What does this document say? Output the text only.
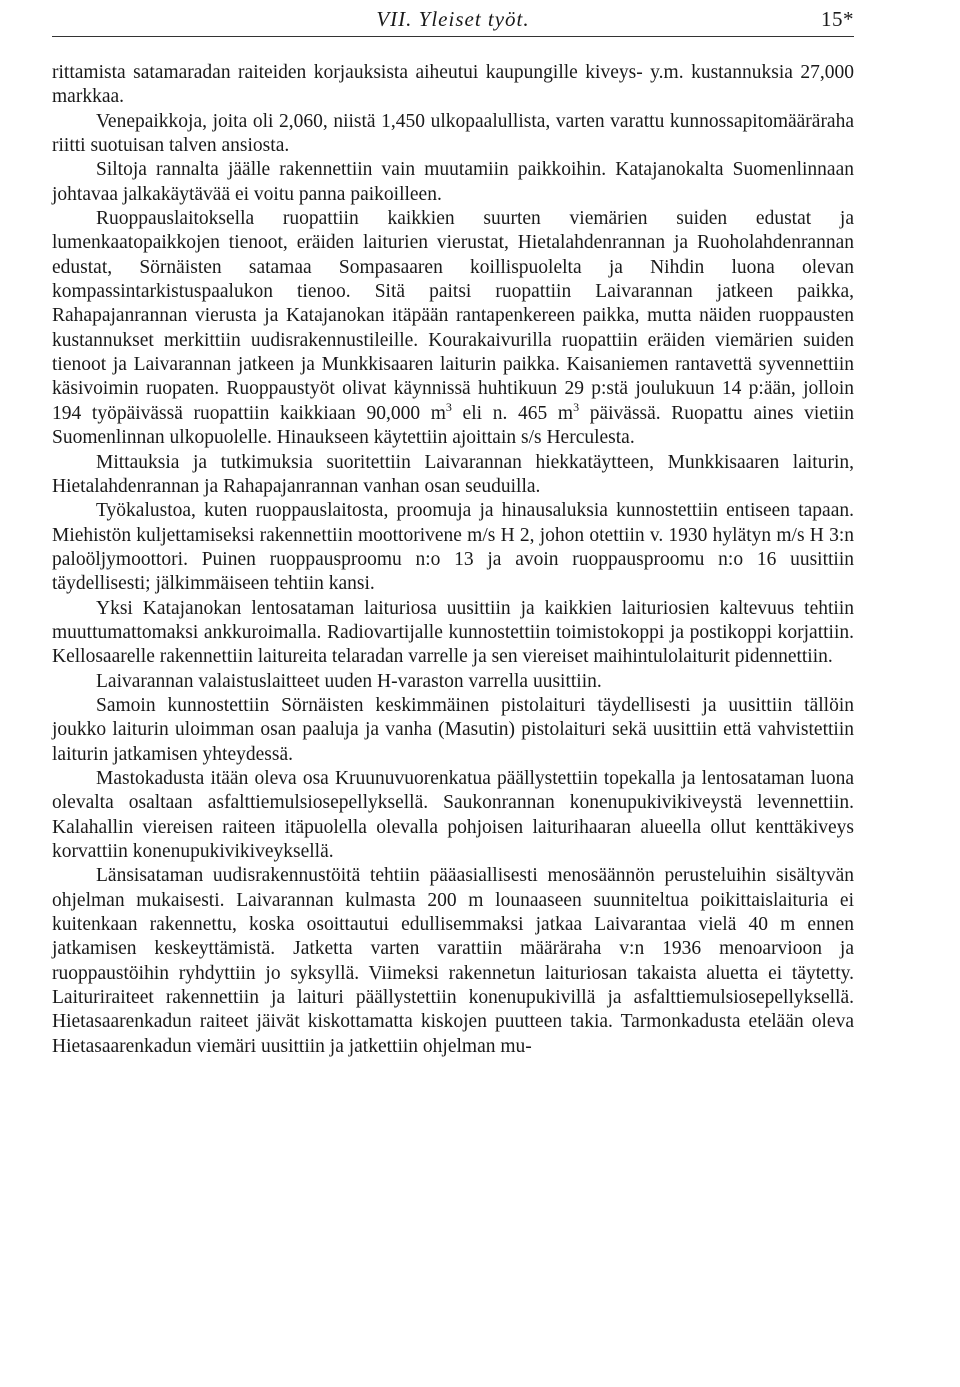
VII. Yleiset työt.	15*

rittamista satamaradan raiteiden korjauksista aiheutui kaupungille kiveys- y.m. kustannuksia 27,000 markkaa.

Venepaikkoja, joita oli 2,060, niistä 1,450 ulkopaalullista, varten varattu kunnossapitomääräraha riitti suotuisan talven ansiosta.

Siltoja rannalta jäälle rakennettiin vain muutamiin paikkoihin. Katajanokalta Suomenlinnaan johtavaa jalkakäytävää ei voitu panna paikoilleen.

Ruoppauslaitoksella ruopattiin kaikkien suurten viemärien suiden edustat ja lumenkaatopaikkojen tienoot, eräiden laiturien vierustat, Hietalahdenrannan ja Ruoholahdenrannan edustat, Sörnäisten satamaa Sompasaaren koillispuolelta ja Nihdin luona olevan kompassintarkistuspaalukon tienoo. Sitä paitsi ruopattiin Laivarannan jatkeen paikka, Rahapajanrannan vierusta ja Katajanokan itäpään rantapenkereen paikka, mutta näiden ruoppausten kustannukset merkittiin uudisrakennustileille. Kourakaivurilla ruopattiin eräiden viemärien suiden tienoot ja Laivarannan jatkeen ja Munkkisaaren laiturin paikka. Kaisaniemen rantavettä syvennettiin käsivoimin ruopaten. Ruoppaustyöt olivat käynnissä huhtikuun 29 p:stä joulukuun 14 p:ään, jolloin 194 työpäivässä ruopattiin kaikkiaan 90,000 $m^3$ eli n. 465 $m^3$ päivässä. Ruopattu aines vietiin Suomenlinnan ulkopuolelle. Hinaukseen käytettiin ajoittain s/s Herculesta.

Mittauksia ja tutkimuksia suoritettiin Laivarannan hiekkatäytteen, Munkkisaaren laiturin, Hietalahdenrannan ja Rahapajanrannan vanhan osan seuduilla.

Työkalustoa, kuten ruoppauslaitosta, proomuja ja hinausaluksia kunnostettiin entiseen tapaan. Miehistön kuljettamiseksi rakennettiin moottorivene m/s H 2, johon otettiin v. 1930 hylätyn m/s H 3:n paloöljymoottori. Puinen ruoppausproomu n:o 13 ja avoin ruoppausproomu n:o 16 uusittiin täydellisesti; jälkimmäiseen tehtiin kansi.

Yksi Katajanokan lentosataman laituriosa uusittiin ja kaikkien laituriosien kaltevuus tehtiin muuttumattomaksi ankkuroimalla. Radiovartijalle kunnostettiin toimistokoppi ja postikoppi korjattiin. Kellosaarelle rakennettiin laitureita telaradan varrelle ja sen viereiset maihintulolaiturit pidennettiin.

Laivarannan valaistuslaitteet uuden H-varaston varrella uusittiin.

Samoin kunnostettiin Sörnäisten keskimmäinen pistolaituri täydellisesti ja uusittiin tällöin joukko laiturin uloimman osan paaluja ja vanha (Masutin) pistolaituri sekä uusittiin että vahvistettiin laiturin jatkamisen yhteydessä.

Mastokadusta itään oleva osa Kruunuvuorenkatua päällystettiin topekalla ja lentosataman luona olevalta osaltaan asfalttiemulsiosepellyksellä. Saukonrannan konenupukivikiveystä levennettiin. Kalahallin viereisen raiteen itäpuolella olevalla pohjoisen laiturihaaran alueella ollut kenttäkiveys korvattiin konenupukivikiveyksellä.

Länsisataman uudisrakennustöitä tehtiin pääasiallisesti menosäännön perusteluihin sisältyvän ohjelman mukaisesti. Laivarannan kulmasta 200 m lounaaseen suunniteltua poikittaislaituria ei kuitenkaan rakennettu, koska osoittautui edullisemmaksi jatkaa Laivarantaa vielä 40 m ennen jatkamisen keskeyttämistä. Jatketta varten varattiin määräraha v:n 1936 menoarvioon ja ruoppaustöihin ryhdyttiin jo syksyllä. Viimeksi rakennetun laituriosan takaista aluetta ei täytetty. Laituriraiteet rakennettiin ja laituri päällystettiin konenupukivillä ja asfalttiemulsiosepellyksellä. Hietasaarenkadun raiteet jäivät kiskottamatta kiskojen puutteen takia. Tarmonkadusta etelään oleva Hietasaarenkadun viemäri uusittiin ja jatkettiin ohjelman mu-
